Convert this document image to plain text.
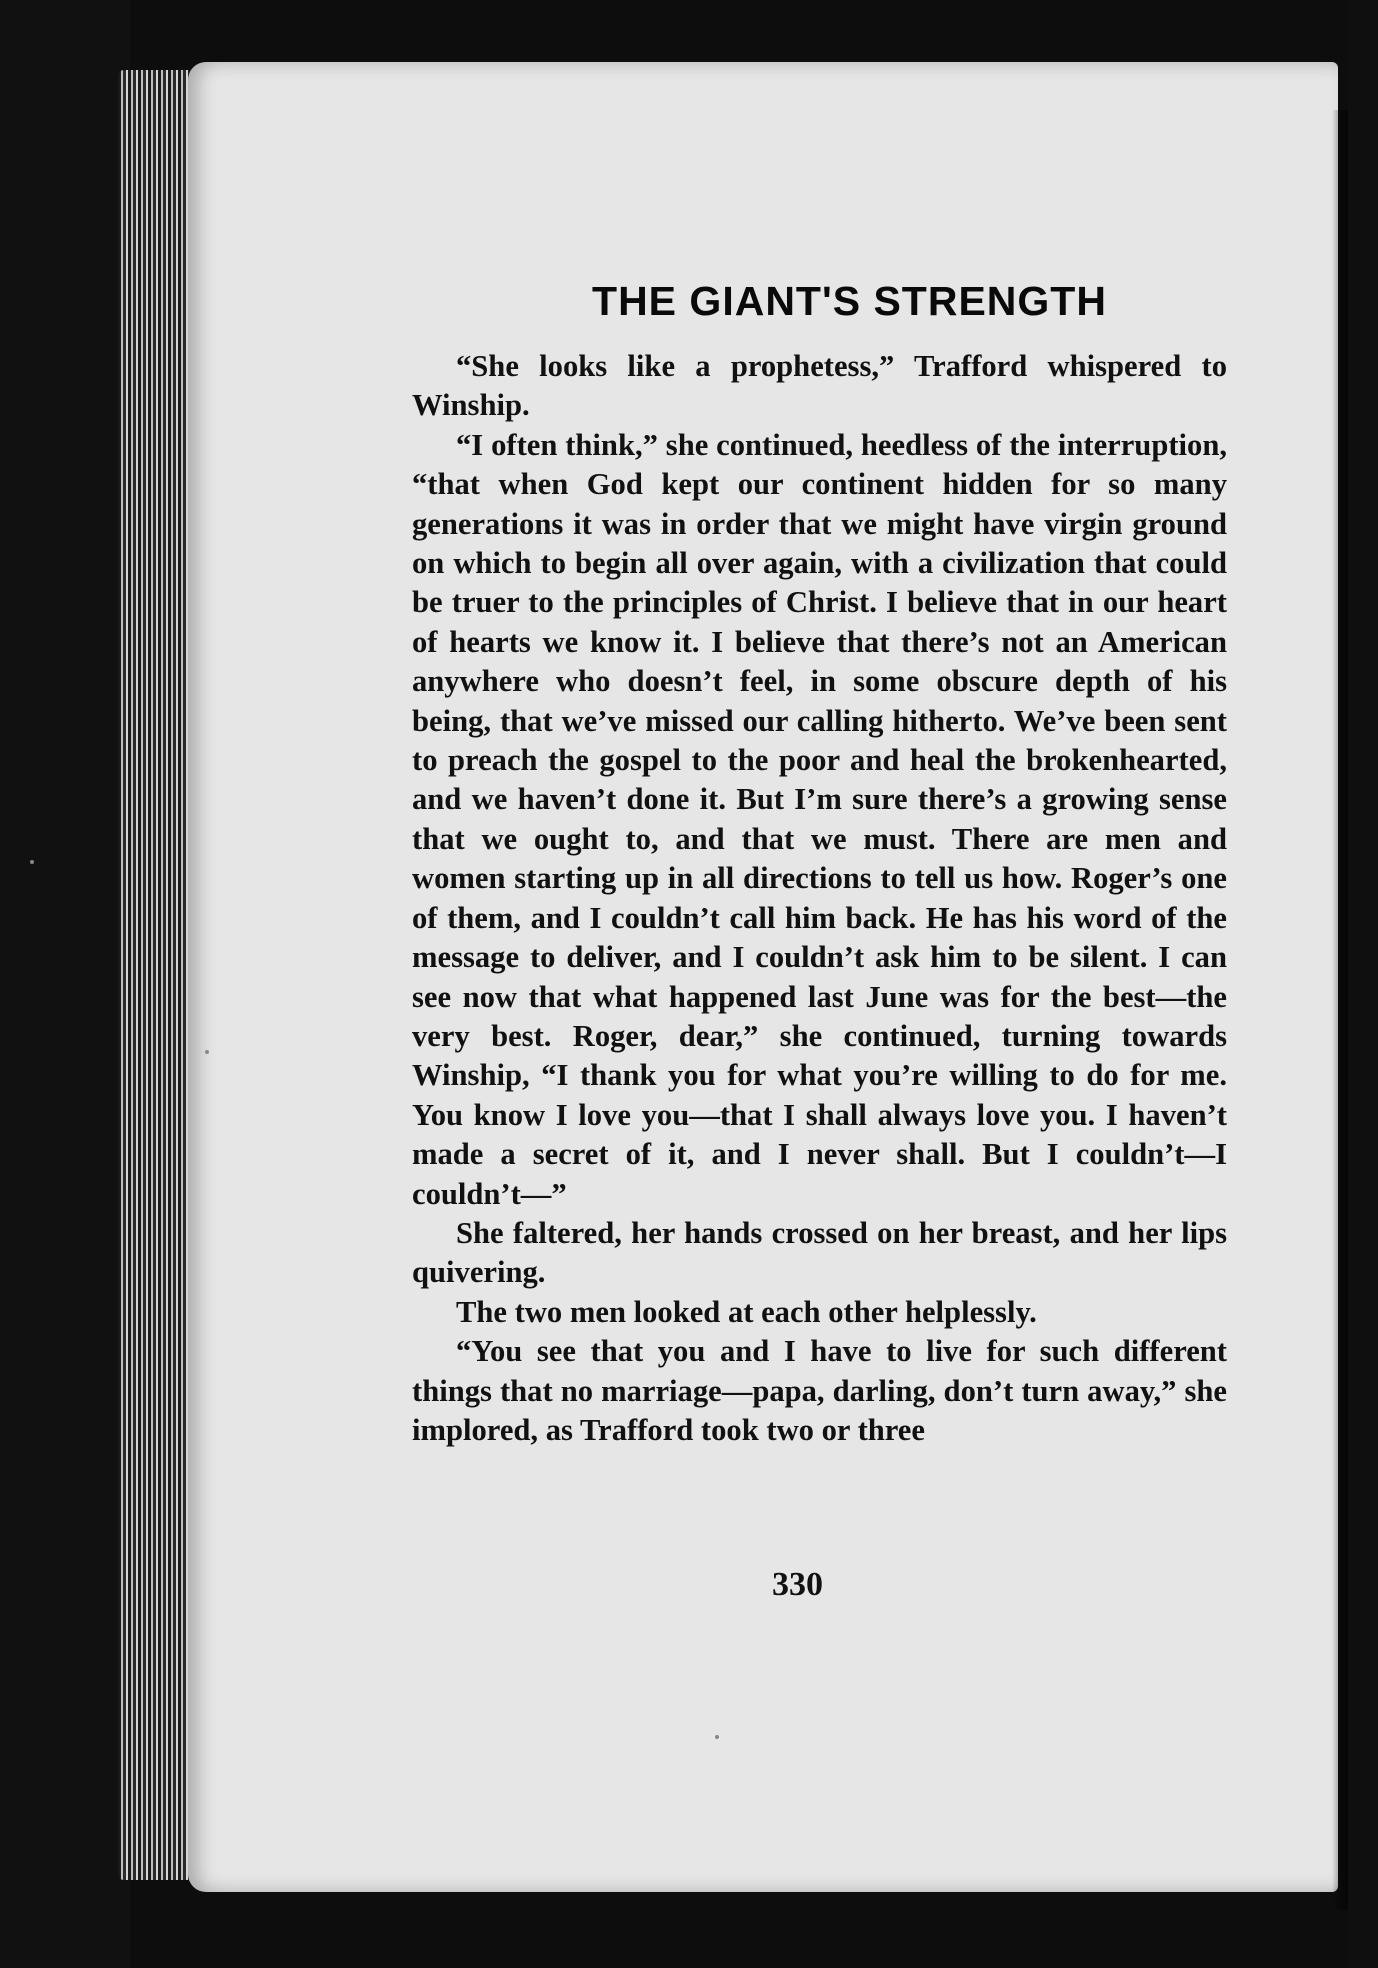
THE GIANT'S STRENGTH

“She looks like a prophetess,” Trafford whispered to Winship.

“I often think,” she continued, heedless of the interruption, “that when God kept our continent hidden for so many generations it was in order that we might have virgin ground on which to begin all over again, with a civilization that could be truer to the principles of Christ. I believe that in our heart of hearts we know it. I believe that there’s not an American anywhere who doesn’t feel, in some obscure depth of his being, that we’ve missed our calling hitherto. We’ve been sent to preach the gospel to the poor and heal the brokenhearted, and we haven’t done it. But I’m sure there’s a growing sense that we ought to, and that we must. There are men and women starting up in all directions to tell us how. Roger’s one of them, and I couldn’t call him back. He has his word of the message to deliver, and I couldn’t ask him to be silent. I can see now that what happened last June was for the best—the very best. Roger, dear,” she continued, turning towards Winship, “I thank you for what you’re willing to do for me. You know I love you—that I shall always love you. I haven’t made a secret of it, and I never shall. But I couldn’t—I couldn’t—”

She faltered, her hands crossed on her breast, and her lips quivering.

The two men looked at each other helplessly.

“You see that you and I have to live for such different things that no marriage—papa, darling, don’t turn away,” she implored, as Trafford took two or three

330
